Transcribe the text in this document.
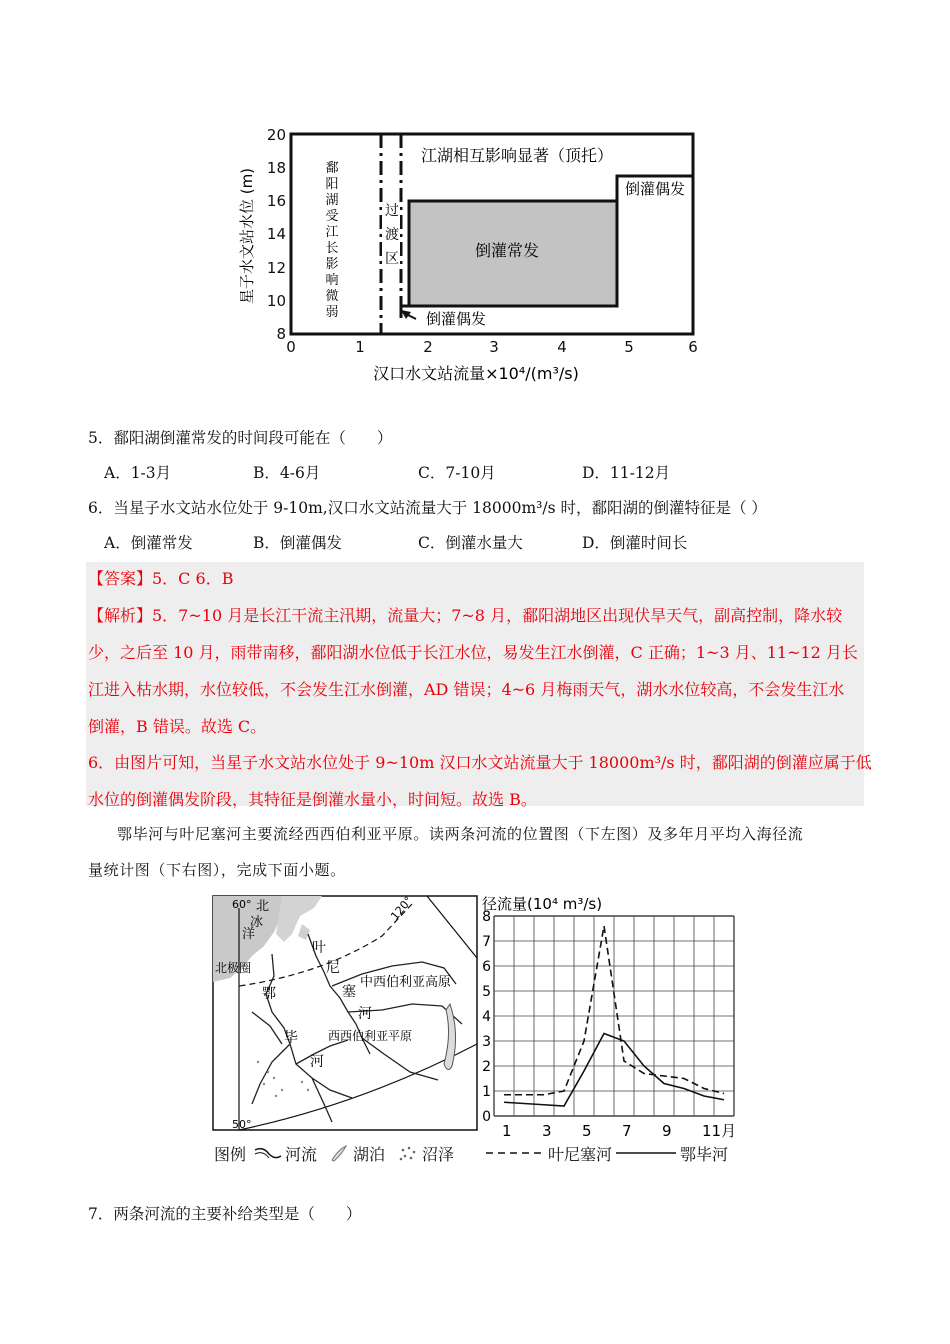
8
10
12
14
16
18
20
0	1	2	3	4	5	6
汉口水文站流量×10⁴/(m³/s)
星子水文站水位 (m)
江湖相互影响显著（顶托）
倒灌常发
倒灌偶发
倒灌偶发
鄱
阳
湖
受
江
长
影
响
微
弱
过
渡
区
5．鄱阳湖倒灌常发的时间段可能在（　　）
A．1-3月	B．4-6月	C．7-10月	D．11-12月
6．当星子水文站水位处于 9-10m,汉口水文站流量大于 18000m³/s 时，鄱阳湖的倒灌特征是（ ）
A．倒灌常发	B．倒灌偶发	C．倒灌水量大	D．倒灌时间长
【答案】5．C 6．B
【解析】5．7~10 月是长江干流主汛期，流量大；7~8 月，鄱阳湖地区出现伏旱天气，副高控制，降水较
少，之后至 10 月，雨带南移，鄱阳湖水位低于长江水位，易发生江水倒灌，C 正确；1~3 月、11~12 月长
江进入枯水期，水位较低，不会发生江水倒灌，AD 错误；4~6 月梅雨天气，湖水水位较高，不会发生江水
倒灌，B 错误。故选 C。
6．由图片可知，当星子水文站水位处于 9~10m 汉口水文站流量大于 18000m³/s 时，鄱阳湖的倒灌应属于低
水位的倒灌偶发阶段，其特征是倒灌水量小，时间短。故选 B。
鄂毕河与叶尼塞河主要流经西西伯利亚平原。读两条河流的位置图（下左图）及多年月平均入海径流
量统计图（下右图），完成下面小题。
60°	120°
50°
北
冰
洋
北极圈
叶
尼
塞
河
鄂
毕
河
中西伯利亚高原
西西伯利亚平原
径流量(10⁴ m³/s)
0
1
2
3
4
5
6
7
8
1 3 5 7 9 11月
图例 河流 湖泊 沼泽	叶尼塞河	鄂毕河
7．两条河流的主要补给类型是（　　）
